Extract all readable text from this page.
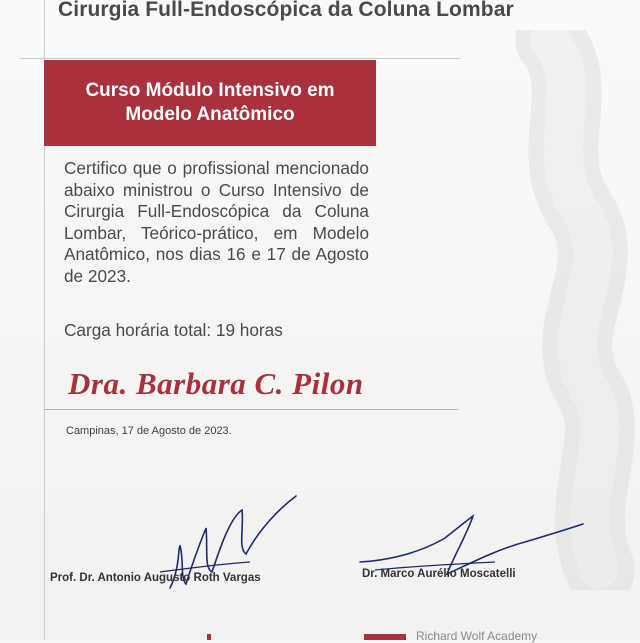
Cirurgia Full-Endoscópica da Coluna Lombar
Curso Módulo Intensivo em
Modelo Anatômico

Certifico que o profissional mencionado abaixo ministrou o Curso Intensivo de Cirurgia Full-Endoscópica da Coluna Lombar, Teórico-prático, em Modelo Anatômico, nos dias 16 e 17 de Agosto de 2023.

Carga horária total: 19 horas
Dra. Barbara C. Pilon
Campinas, 17 de Agosto de 2023.
Prof. Dr. Antonio Augusto Roth Vargas	Dr. Marco Aurélio Moscatelli
Richard Wolf Academy
